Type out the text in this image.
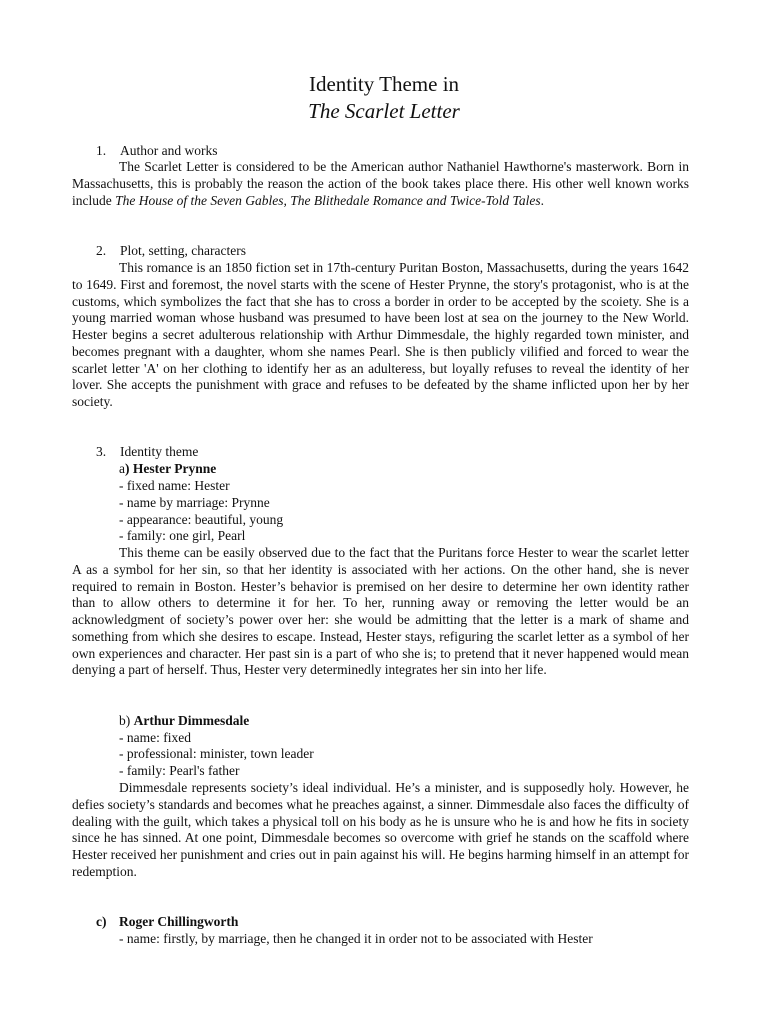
Identity Theme in
The Scarlet Letter
1. Author and works
The Scarlet Letter is considered to be the American author Nathaniel Hawthorne's masterwork. Born in Massachusetts, this is probably the reason the action of the book takes place there. His other well known works include The House of the Seven Gables, The Blithedale Romance and Twice-Told Tales.
2. Plot, setting, characters
This romance is an 1850 fiction set in 17th-century Puritan Boston, Massachusetts, during the years 1642 to 1649. First and foremost, the novel starts with the scene of Hester Prynne, the story's protagonist, who is at the customs, which symbolizes the fact that she has to cross a border in order to be accepted by the scoiety. She is a young married woman whose husband was presumed to have been lost at sea on the journey to the New World. Hester begins a secret adulterous relationship with Arthur Dimmesdale, the highly regarded town minister, and becomes pregnant with a daughter, whom she names Pearl. She is then publicly vilified and forced to wear the scarlet letter 'A' on her clothing to identify her as an adulteress, but loyally refuses to reveal the identity of her lover. She accepts the punishment with grace and refuses to be defeated by the shame inflicted upon her by her society.
3. Identity theme
a) Hester Prynne
- fixed name: Hester
- name by marriage: Prynne
- appearance: beautiful, young
- family: one girl, Pearl
This theme can be easily observed due to the fact that the Puritans force Hester to wear the scarlet letter A as a symbol for her sin, so that her identity is associated with her actions. On the other hand, she is never required to remain in Boston. Hester’s behavior is premised on her desire to determine her own identity rather than to allow others to determine it for her. To her, running away or removing the letter would be an acknowledgment of society’s power over her: she would be admitting that the letter is a mark of shame and something from which she desires to escape. Instead, Hester stays, refiguring the scarlet letter as a symbol of her own experiences and character. Her past sin is a part of who she is; to pretend that it never happened would mean denying a part of herself. Thus, Hester very determinedly integrates her sin into her life.
b) Arthur Dimmesdale
- name: fixed
- professional: minister, town leader
- family: Pearl's father
Dimmesdale represents society’s ideal individual. He’s a minister, and is supposedly holy. However, he defies society’s standards and becomes what he preaches against, a sinner. Dimmesdale also faces the difficulty of dealing with the guilt, which takes a physical toll on his body as he is unsure who he is and how he fits in society since he has sinned. At one point, Dimmesdale becomes so overcome with grief he stands on the scaffold where Hester received her punishment and cries out in pain against his will. He begins harming himself in an attempt for redemption.
c) Roger Chillingworth
- name: firstly, by marriage, then he changed it in order not to be associated with Hester
